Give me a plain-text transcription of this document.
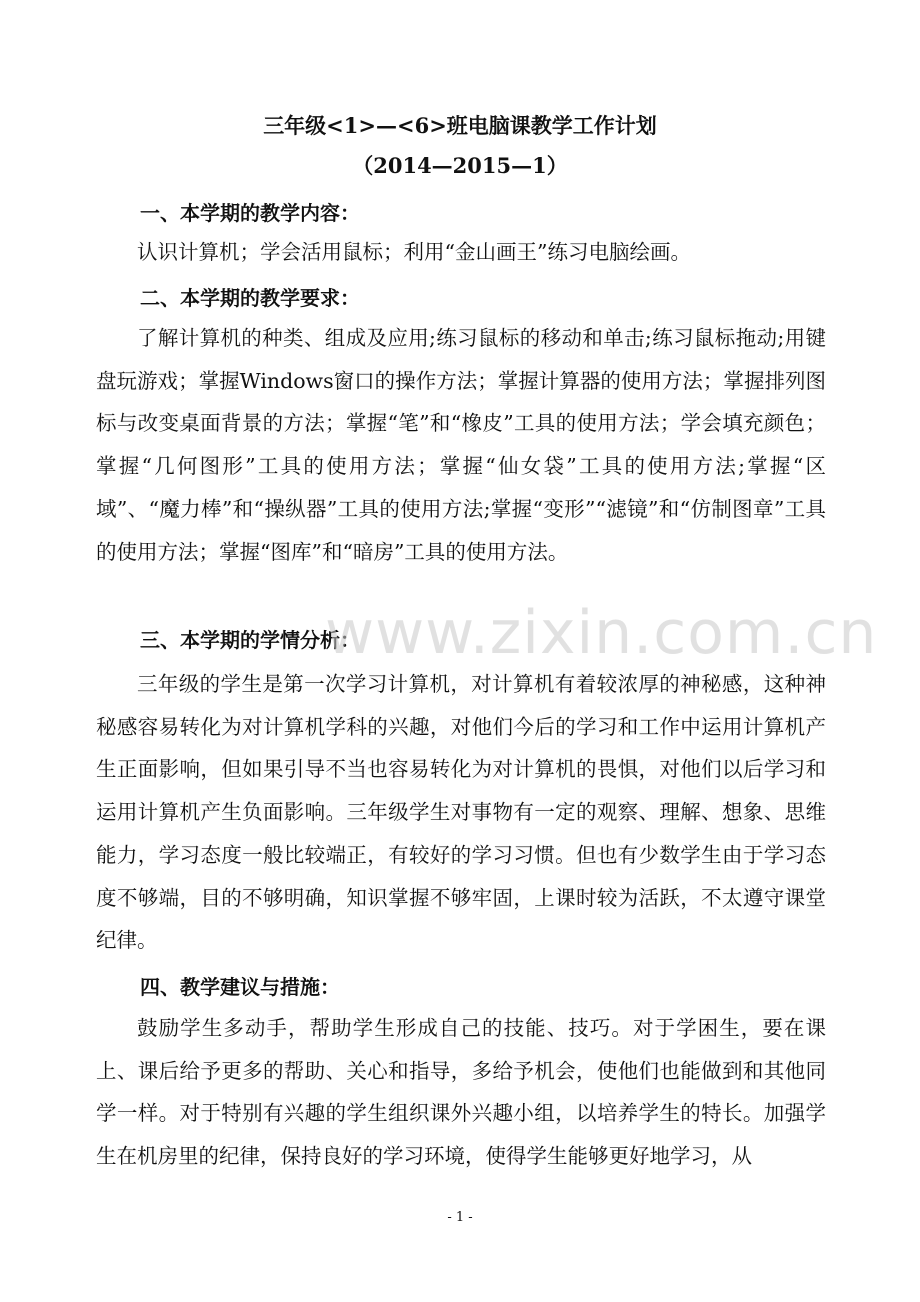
三年级<1>—<6>班电脑课教学工作计划
（2014—2015—1）
一、本学期的教学内容：
认识计算机；学会活用鼠标；利用“金山画王”练习电脑绘画。
二、本学期的教学要求：
了解计算机的种类、组成及应用;练习鼠标的移动和单击;练习鼠标拖动;用键盘玩游戏；掌握Windows窗口的操作方法；掌握计算器的使用方法；掌握排列图标与改变桌面背景的方法；掌握“笔”和“橡皮”工具的使用方法；学会填充颜色；掌握“几何图形”工具的使用方法；掌握“仙女袋”工具的使用方法;掌握“区域”、“魔力棒”和“操纵器”工具的使用方法;掌握“变形”“滤镜”和“仿制图章”工具的使用方法；掌握“图库”和“暗房”工具的使用方法。
三、本学期的学情分析：
三年级的学生是第一次学习计算机，对计算机有着较浓厚的神秘感，这种神秘感容易转化为对计算机学科的兴趣，对他们今后的学习和工作中运用计算机产生正面影响，但如果引导不当也容易转化为对计算机的畏惧，对他们以后学习和运用计算机产生负面影响。三年级学生对事物有一定的观察、理解、想象、思维能力，学习态度一般比较端正，有较好的学习习惯。但也有少数学生由于学习态度不够端，目的不够明确，知识掌握不够牢固，上课时较为活跃，不太遵守课堂纪律。
四、教学建议与措施：
鼓励学生多动手，帮助学生形成自己的技能、技巧。对于学困生，要在课上、课后给予更多的帮助、关心和指导，多给予机会，使他们也能做到和其他同学一样。对于特别有兴趣的学生组织课外兴趣小组，以培养学生的特长。加强学生在机房里的纪律，保持良好的学习环境，使得学生能够更好地学习，从
www.zixin.com.cn
- 1 -
